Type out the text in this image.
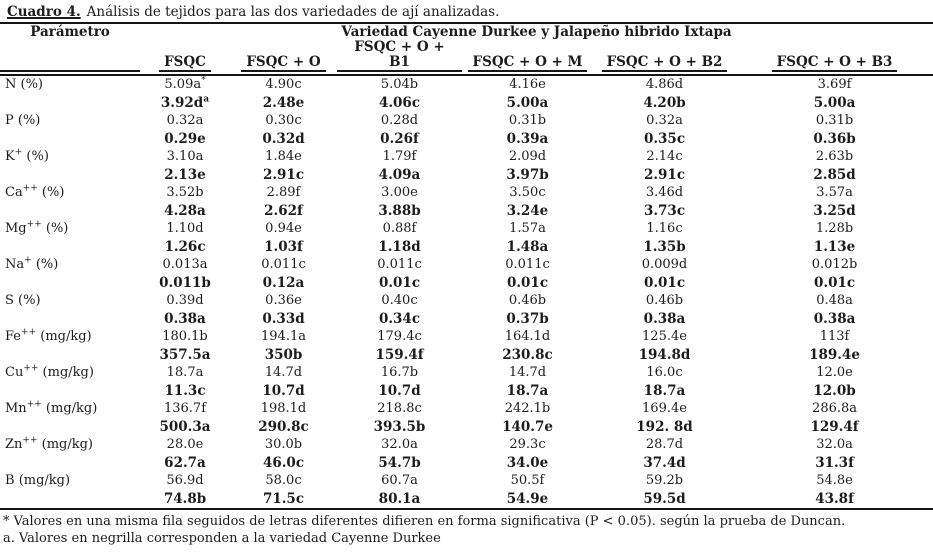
Cuadro 4. Análisis de tejidos para las dos variedades de ají analizadas.
Parámetro	Variedad Cayenne Durkee y Jalapeño hibrido Ixtapa					

	FSQC	FSQC + O	FSQC + O + B1	FSQC + O + M	FSQC + O + B2	FSQC + O + B3
N (%)	5.09a*	4.90c	5.04b	4.16e	4.86d	3.69f
	$3.92d^a$	2.48e	4.06c	5.00a	4.20b	5.00a
P (%)	0.32a	0.30c	0.28d	0.31b	0.32a	0.31b
	0.29e	0.32d	0.26f	0.39a	0.35c	0.36b
K+ (%)	3.10a	1.84e	1.79f	2.09d	2.14c	2.63b
	2.13e	2.91c	4.09a	3.97b	2.91c	2.85d
Ca++ (%)	3.52b	2.89f	3.00e	3.50c	3.46d	3.57a
	4.28a	2.62f	3.88b	3.24e	3.73c	3.25d
Mg++ (%)	1.10d	0.94e	0.88f	1.57a	1.16c	1.28b
	1.26c	1.03f	1.18d	1.48a	1.35b	1.13e
Na+ (%)	0.013a	0.011c	0.011c	0.011c	0.009d	0.012b
	0.011b	0.12a	0.01c	0.01c	0.01c	0.01c
S (%)	0.39d	0.36e	0.40c	0.46b	0.46b	0.48a
	0.38a	0.33d	0.34c	0.37b	0.38a	0.38a
Fe++ (mg/kg)	180.1b	194.1a	179.4c	164.1d	125.4e	113f
	357.5a	350b	159.4f	230.8c	194.8d	189.4e
Cu++ (mg/kg)	18.7a	14.7d	16.7b	14.7d	16.0c	12.0e
	11.3c	10.7d	10.7d	18.7a	18.7a	12.0b
Mn++ (mg/kg)	136.7f	198.1d	218.8c	242.1b	169.4e	286.8a
	500.3a	290.8c	393.5b	140.7e	192. 8d	129.4f
Zn++ (mg/kg)	28.0e	30.0b	32.0a	29.3c	28.7d	32.0a
	62.7a	46.0c	54.7b	34.0e	37.4d	31.3f
B (mg/kg)	56.9d	58.0c	60.7a	50.5f	59.2b	54.8e
	74.8b	71.5c	80.1a	54.9e	59.5d	43.8f

* Valores en una misma fila seguidos de letras diferentes difieren en forma significativa (P < 0.05). según la prueba de Duncan.

a. Valores en negrilla corresponden a la variedad Cayenne Durkee
